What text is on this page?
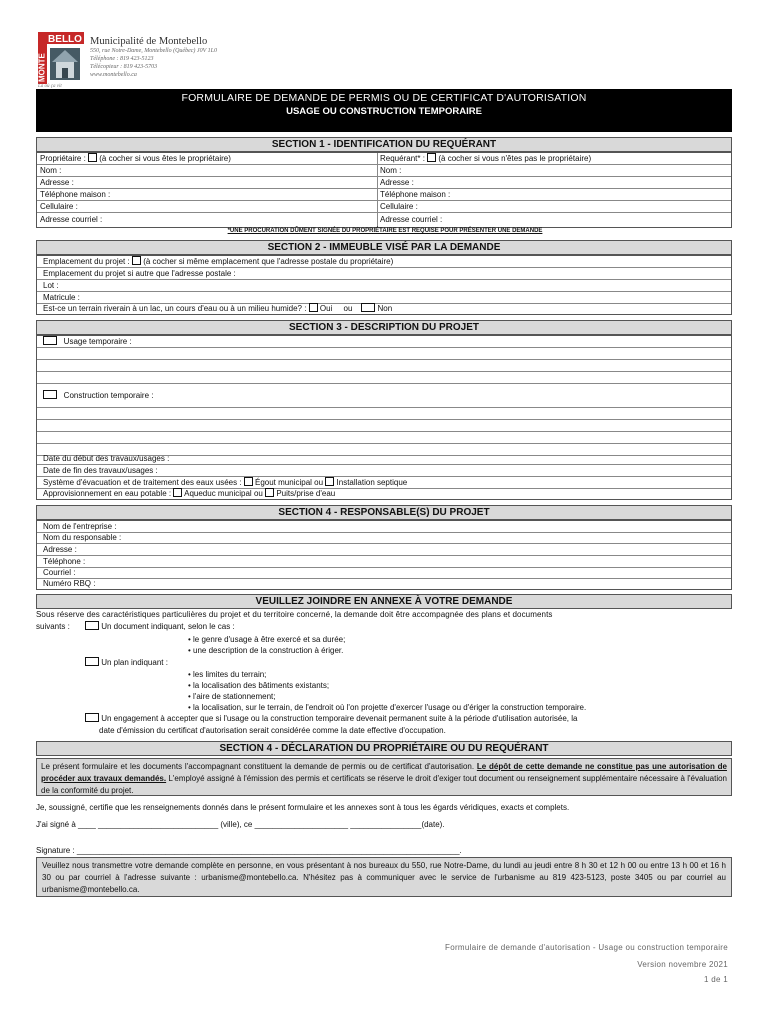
BELLO
MONTE
Là où ça vit
Municipalité de Montebello
550, rue Notre-Dame, Montebello (Québec) J0V 1L0
Téléphone : 819 423-5123
Télécopieur : 819 423-5703
www.montebello.ca
FORMULAIRE DE DEMANDE DE PERMIS OU DE CERTIFICAT D'AUTORISATION
USAGE OU CONSTRUCTION TEMPORAIRE
SECTION 1 - IDENTIFICATION DU REQUÉRANT
Propriétaire : (à cocher si vous êtes le propriétaire)	Requérant* : (à cocher si vous n'êtes pas le propriétaire)
Nom :	Nom :
Adresse :	Adresse :
Téléphone maison :	Téléphone maison :
Cellulaire :	Cellulaire :
Adresse courriel :	Adresse courriel :
*UNE PROCURATION DÛMENT SIGNÉE DU PROPRIÉTAIRE EST REQUISE POUR PRÉSENTER UNE DEMANDE
SECTION 2 - IMMEUBLE VISÉ PAR LA DEMANDE
Emplacement du projet : (à cocher si même emplacement que l'adresse postale du propriétaire)
Emplacement du projet si autre que l'adresse postale :
Lot :
Matricule :
Est-ce un terrain riverain à un lac, un cours d'eau ou à un milieu humide? : Oui ou	Non
SECTION 3 - DESCRIPTION DU PROJET
Usage temporaire :
Construction temporaire :
Date du début des travaux/usages :
Date de fin des travaux/usages :
Système d'évacuation et de traitement des eaux usées : Égout municipal ou Installation septique
Approvisionnement en eau potable : Aqueduc municipal ou Puits/prise d'eau
SECTION 4 - RESPONSABLE(S) DU PROJET
Nom de l'entreprise :
Nom du responsable :
Adresse :
Téléphone :
Courriel :
Numéro RBQ :
VEUILLEZ JOINDRE EN ANNEXE À VOTRE DEMANDE
Sous réserve des caractéristiques particulières du projet et du territoire concerné, la demande doit être accompagnée des plans et documents
suivants :	Un document indiquant, selon le cas :
• le genre d'usage à être exercé et sa durée;
• une description de la construction à ériger.
Un plan indiquant :
• les limites du terrain;
• la localisation des bâtiments existants;
• l'aire de stationnement;
• la localisation, sur le terrain, de l'endroit où l'on projette d'exercer l'usage ou d'ériger la construction temporaire.
Un engagement à accepter que si l'usage ou la construction temporaire devenait permanent suite à la période d'utilisation autorisée, la
date d'émission du certificat d'autorisation serait considérée comme la date effective d'occupation.
SECTION 4 - DÉCLARATION DU PROPRIÉTAIRE OU DU REQUÉRANT
Le présent formulaire et les documents l'accompagnant constituent la demande de permis ou de certificat d'autorisation. Le dépôt de cette demande ne constitue pas une autorisation de procéder aux travaux demandés. L'employé assigné à l'émission des permis et certificats se réserve le droit d'exiger tout document ou renseignement supplémentaire nécessaire à l'évaluation de la conformité du projet.
Je, soussigné, certifie que les renseignements donnés dans le présent formulaire et les annexes sont à tous les égards véridiques, exacts et complets.
J'ai signé à ____ ___________________________ (ville), ce _____________________ ________________(date).
Signature : ______________________________________________________________________________________.
Veuillez nous transmettre votre demande complète en personne, en vous présentant à nos bureaux du 550, rue Notre-Dame, du lundi au jeudi entre 8 h 30 et 12 h 00 ou entre 13 h 00 et 16 h 30 ou par courriel à l'adresse suivante : urbanisme@montebello.ca. N'hésitez pas à communiquer avec le service de l'urbanisme au 819 423-5123, poste 3405 ou par courriel au urbanisme@montebello.ca.
Formulaire de demande d'autorisation - Usage ou construction temporaire
Version novembre 2021
1 de 1
